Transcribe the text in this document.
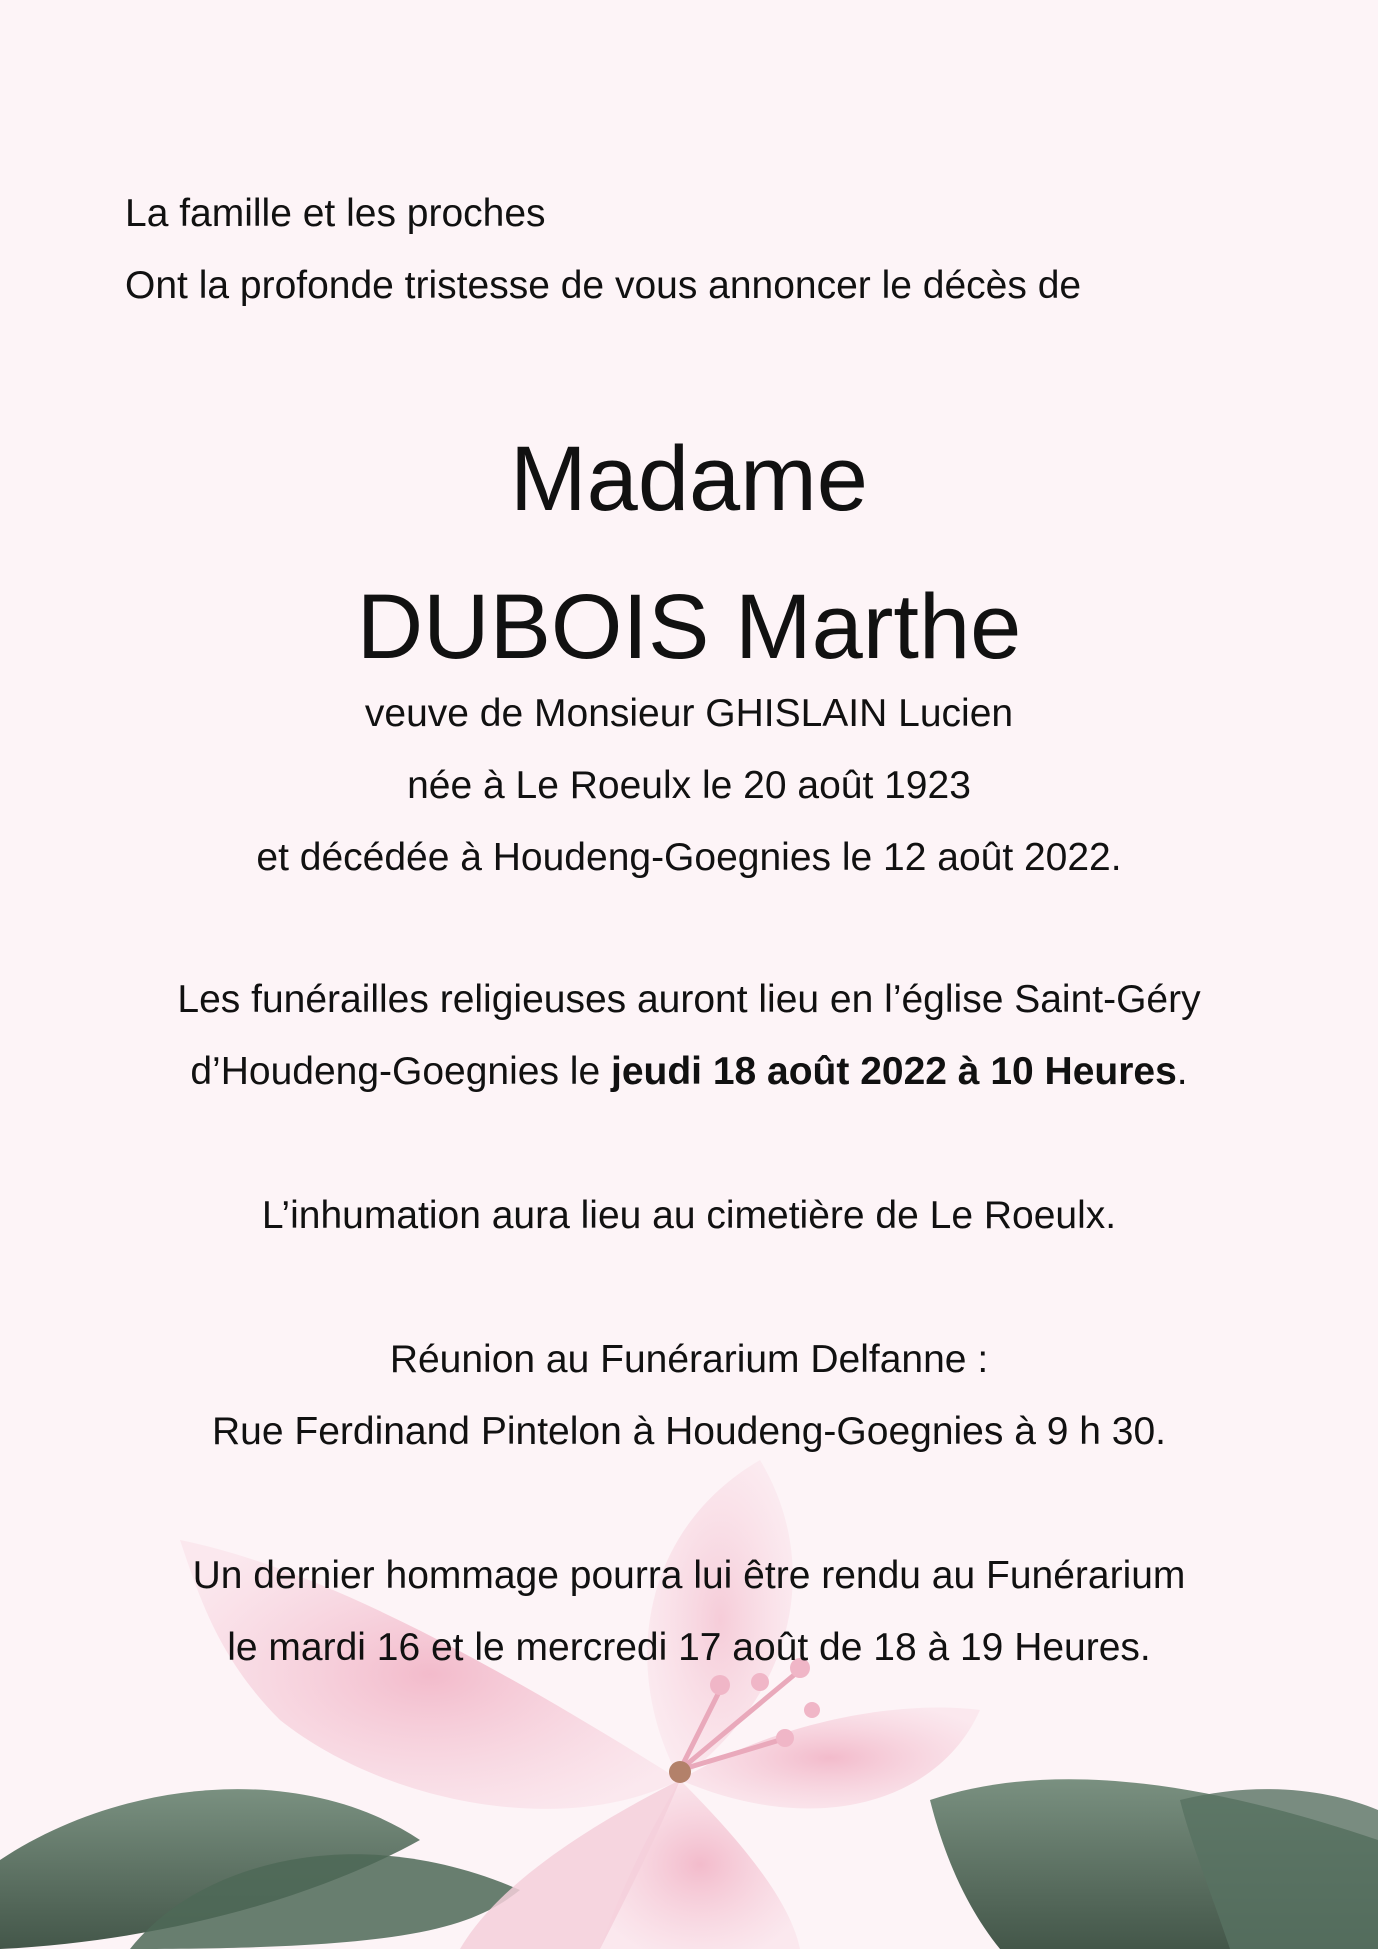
La famille et les proches

Ont la profonde tristesse de vous annoncer le décès de

Madame

DUBOIS Marthe

veuve de Monsieur GHISLAIN Lucien

née à Le Roeulx le 20 août 1923

et décédée à Houdeng-Goegnies le 12 août 2022.

Les funérailles religieuses auront lieu en l’église Saint-Géry

d’Houdeng-Goegnies le jeudi 18 août 2022 à 10 Heures.

L’inhumation aura lieu au cimetière de Le Roeulx.

Réunion au Funérarium Delfanne :

Rue Ferdinand Pintelon à Houdeng-Goegnies à 9 h 30.

Un dernier hommage pourra lui être rendu au Funérarium

le mardi 16 et le mercredi 17 août de 18 à 19 Heures.
